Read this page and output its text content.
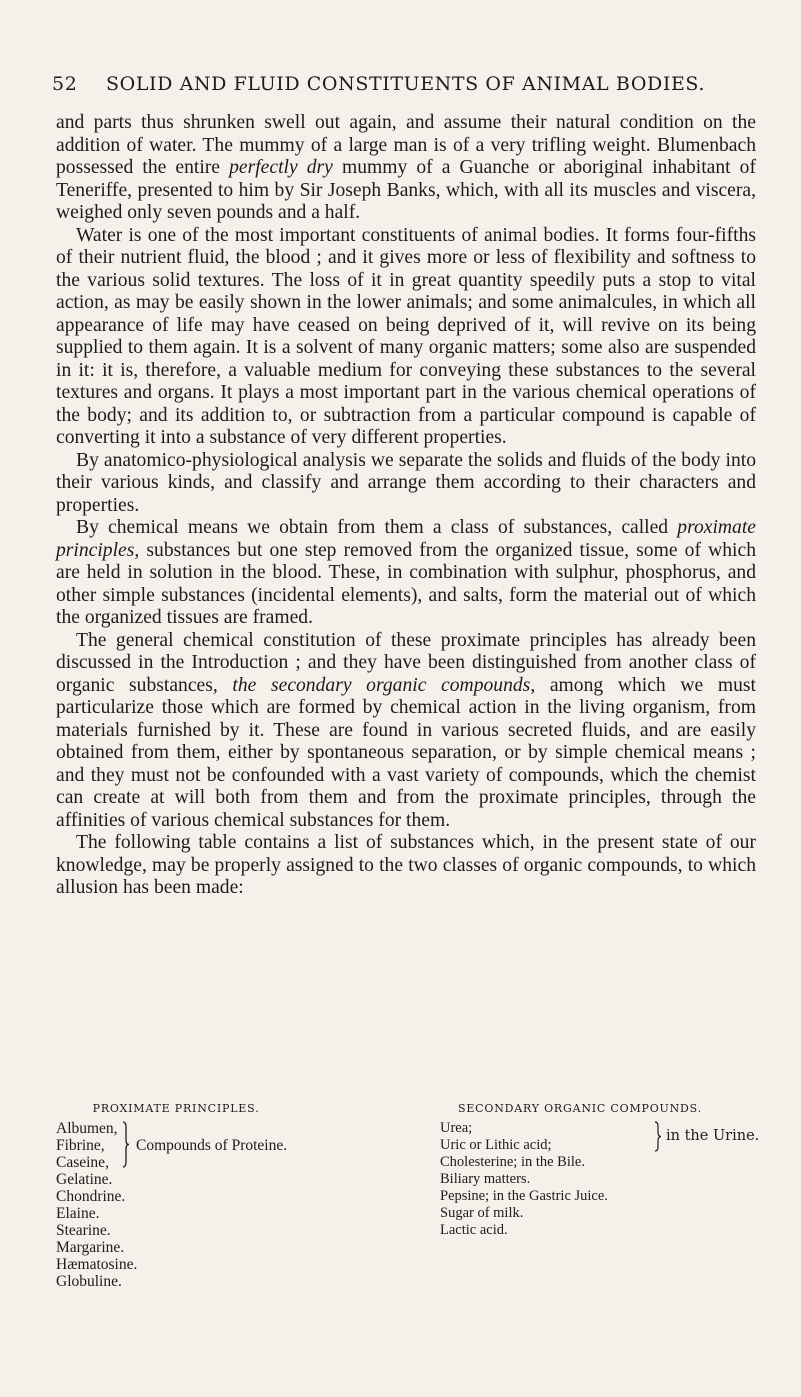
52 SOLID AND FLUID CONSTITUENTS OF ANIMAL BODIES.

and parts thus shrunken swell out again, and assume their natural condition on the addition of water. The mummy of a large man is of a very trifling weight. Blumenbach possessed the entire perfectly dry mummy of a Guanche or aboriginal inhabitant of Teneriffe, presented to him by Sir Joseph Banks, which, with all its muscles and viscera, weighed only seven pounds and a half.

Water is one of the most important constituents of animal bodies. It forms four-fifths of their nutrient fluid, the blood ; and it gives more or less of flexibility and softness to the various solid textures. The loss of it in great quantity speedily puts a stop to vital action, as may be easily shown in the lower animals; and some animalcules, in which all appearance of life may have ceased on being deprived of it, will revive on its being supplied to them again. It is a solvent of many organic matters; some also are suspended in it: it is, therefore, a valuable medium for conveying these substances to the several textures and organs. It plays a most important part in the various chemical operations of the body; and its addition to, or subtraction from a particular compound is capable of converting it into a substance of very different properties.

By anatomico-physiological analysis we separate the solids and fluids of the body into their various kinds, and classify and arrange them according to their characters and properties.

By chemical means we obtain from them a class of substances, called proximate principles, substances but one step removed from the organized tissue, some of which are held in solution in the blood. These, in combination with sulphur, phosphorus, and other simple substances (incidental elements), and salts, form the material out of which the organized tissues are framed.

The general chemical constitution of these proximate principles has already been discussed in the Introduction ; and they have been distinguished from another class of organic substances, the secondary organic compounds, among which we must particularize those which are formed by chemical action in the living organism, from materials furnished by it. These are found in various secreted fluids, and are easily obtained from them, either by spontaneous separation, or by simple chemical means ; and they must not be confounded with a vast variety of compounds, which the chemist can create at will both from them and from the proximate principles, through the affinities of various chemical substances for them.

The following table contains a list of substances which, in the present state of our knowledge, may be properly assigned to the two classes of organic compounds, to which allusion has been made:

PROXIMATE PRINCIPLES.
Albumen,
Fibrine,
Caseine,
Compounds of Proteine.
Gelatine.
Chondrine.
Elaine.
Stearine.
Margarine.
Hæmatosine.
Globuline.
SECONDARY ORGANIC COMPOUNDS.
Urea;
Uric or Lithic acid;
in the Urine.
Cholesterine; in the Bile.
Biliary matters.
Pepsine; in the Gastric Juice.
Sugar of milk.
Lactic acid.
